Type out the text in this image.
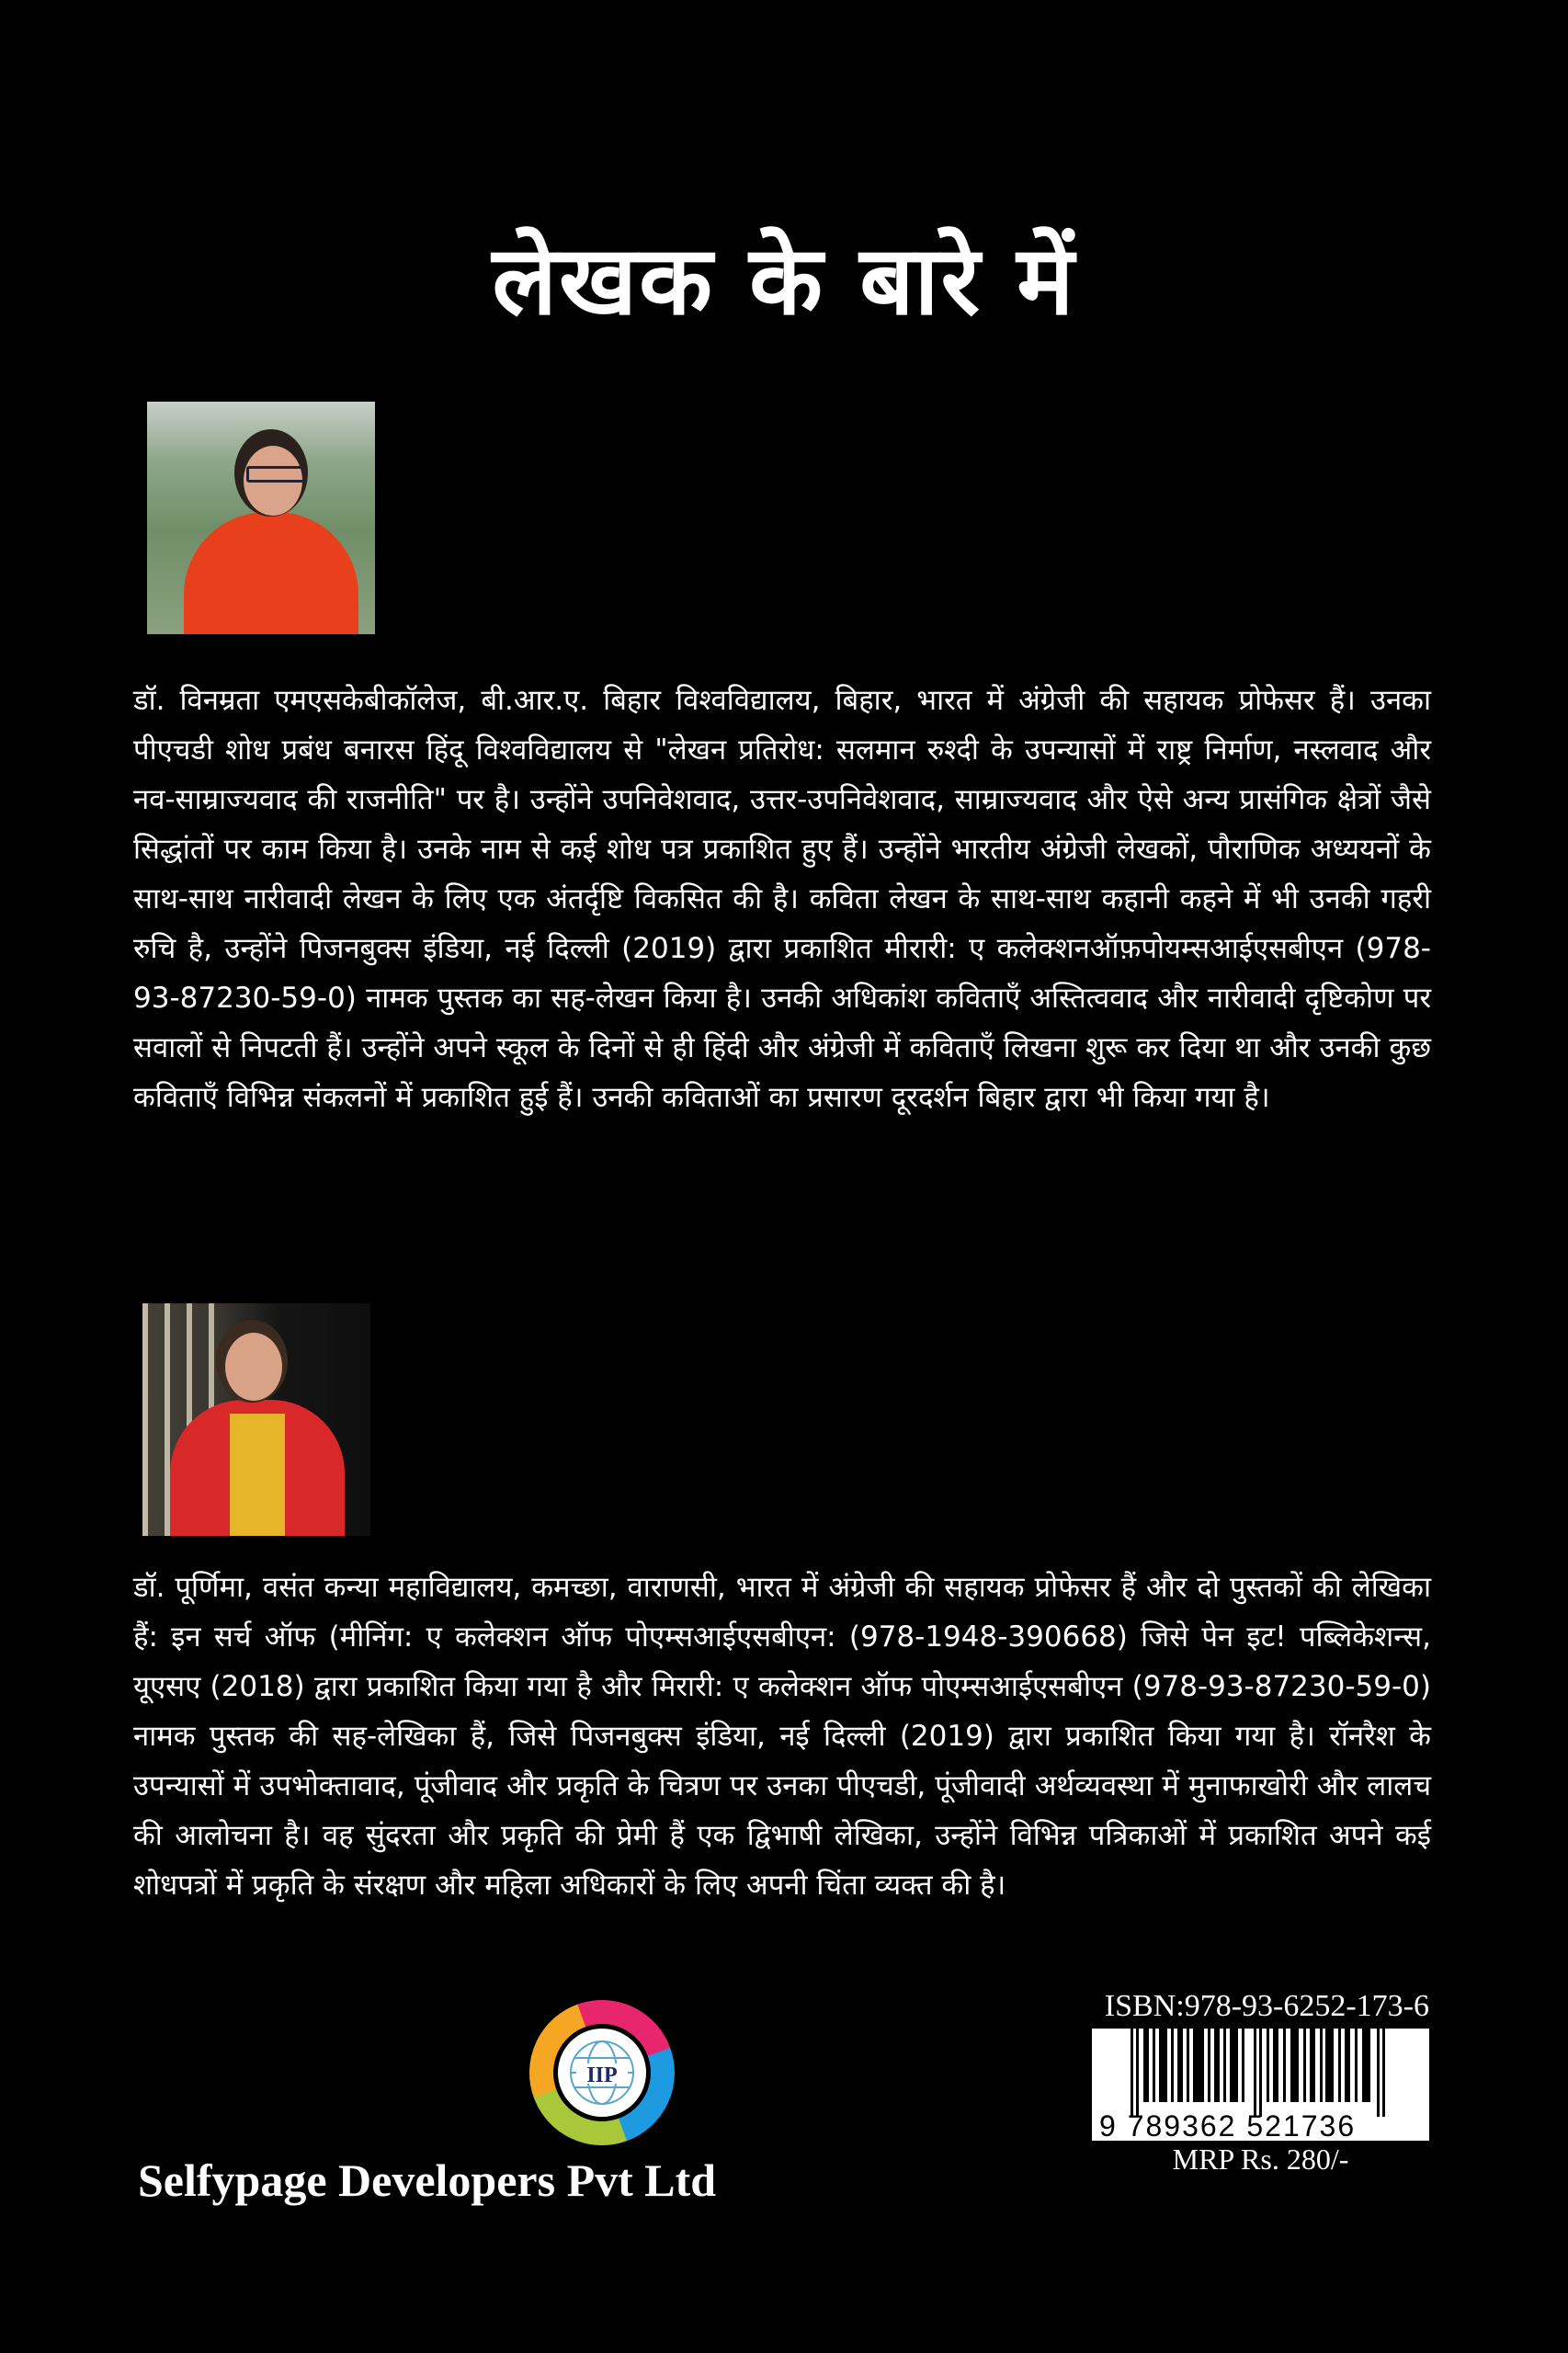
लेखक के बारे में

डॉ. विनम्रता एमएसकेबीकॉलेज, बी.आर.ए. बिहार विश्वविद्यालय, बिहार, भारत में अंग्रेजी की सहायक प्रोफेसर हैं। उनका पीएचडी शोध प्रबंध बनारस हिंदू विश्वविद्यालय से "लेखन प्रतिरोध: सलमान रुश्दी के उपन्यासों में राष्ट्र निर्माण, नस्लवाद और नव-साम्राज्यवाद की राजनीति" पर है। उन्होंने उपनिवेशवाद, उत्तर-उपनिवेशवाद, साम्राज्यवाद और ऐसे अन्य प्रासंगिक क्षेत्रों जैसे सिद्धांतों पर काम किया है। उनके नाम से कई शोध पत्र प्रकाशित हुए हैं। उन्होंने भारतीय अंग्रेजी लेखकों, पौराणिक अध्ययनों के साथ-साथ नारीवादी लेखन के लिए एक अंतर्दृष्टि विकसित की है। कविता लेखन के साथ-साथ कहानी कहने में भी उनकी गहरी रुचि है, उन्होंने पिजनबुक्स इंडिया, नई दिल्ली (2019) द्वारा प्रकाशित मीरारी: ए कलेक्शनऑफ़पोयम्सआईएसबीएन (978-93-87230-59-0) नामक पुस्तक का सह-लेखन किया है। उनकी अधिकांश कविताएँ अस्तित्ववाद और नारीवादी दृष्टिकोण पर सवालों से निपटती हैं। उन्होंने अपने स्कूल के दिनों से ही हिंदी और अंग्रेजी में कविताएँ लिखना शुरू कर दिया था और उनकी कुछ कविताएँ विभिन्न संकलनों में प्रकाशित हुई हैं। उनकी कविताओं का प्रसारण दूरदर्शन बिहार द्वारा भी किया गया है।

डॉ. पूर्णिमा, वसंत कन्या महाविद्यालय, कमच्छा, वाराणसी, भारत में अंग्रेजी की सहायक प्रोफेसर हैं और दो पुस्तकों की लेखिका हैं: इन सर्च ऑफ (मीनिंग: ए कलेक्शन ऑफ पोएम्सआईएसबीएन: (978-1948-390668) जिसे पेन इट! पब्लिकेशन्स, यूएसए (2018) द्वारा प्रकाशित किया गया है और मिरारी: ए कलेक्शन ऑफ पोएम्सआईएसबीएन (978-93-87230-59-0) नामक पुस्तक की सह-लेखिका हैं, जिसे पिजनबुक्स इंडिया, नई दिल्ली (2019) द्वारा प्रकाशित किया गया है। रॉनरैश के उपन्यासों में उपभोक्तावाद, पूंजीवाद और प्रकृति के चित्रण पर उनका पीएचडी, पूंजीवादी अर्थव्यवस्था में मुनाफाखोरी और लालच की आलोचना है। वह सुंदरता और प्रकृति की प्रेमी हैं एक द्विभाषी लेखिका, उन्होंने विभिन्न पत्रिकाओं में प्रकाशित अपने कई शोधपत्रों में प्रकृति के संरक्षण और महिला अधिकारों के लिए अपनी चिंता व्यक्त की है।

IIP
ISBN:978-93-6252-173-6
9 789362 521736
MRP Rs. 280/-
Selfypage Developers Pvt Ltd
